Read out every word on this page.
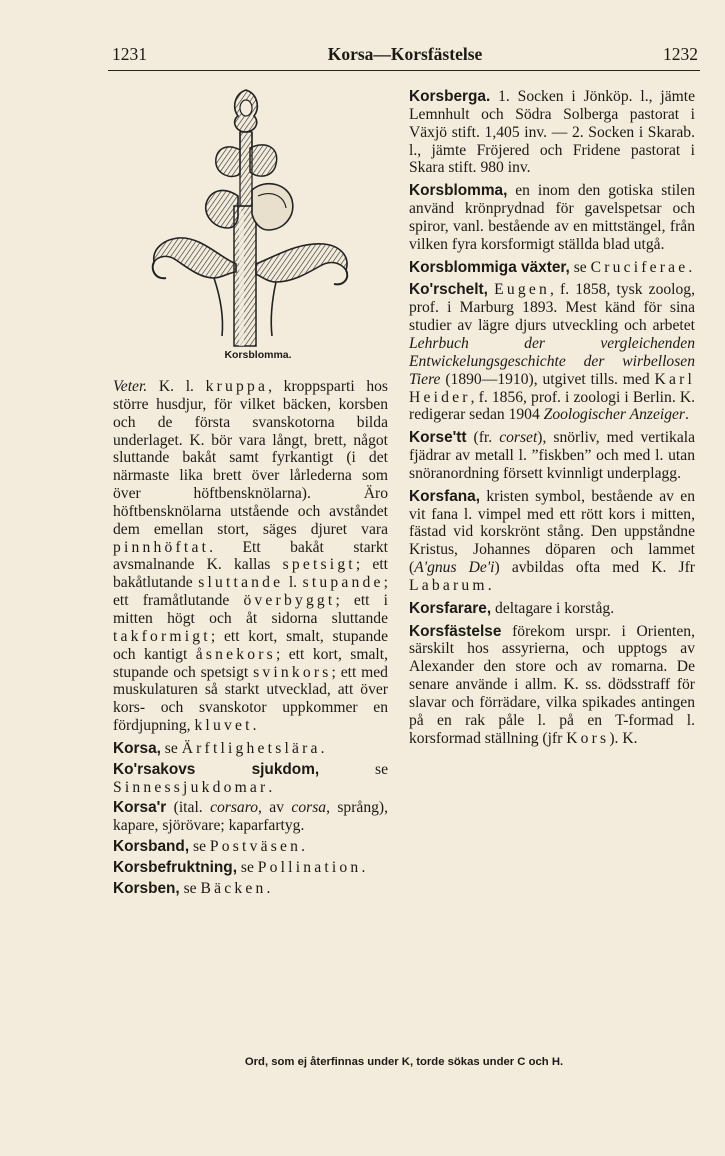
1231	Korsa—Korsfästelse	1232
Korsblomma.

Veter. K. l. kruppa, kroppsparti hos större husdjur, för vilket bäcken, korsben och de första svanskotorna bilda underlaget. K. bör vara långt, brett, något sluttande bakåt samt fyrkantigt (i det närmaste lika brett över lårlederna som över höftbensknölarna). Äro höftbensknölarna utstående och avståndet dem emellan stort, säges djuret vara pinnhöftat. Ett bakåt starkt avsmalnande K. kallas spetsigt; ett bakåtlutande sluttande l. stupande; ett framåtlutande överbyggt; ett i mitten högt och åt sidorna sluttande takformigt; ett kort, smalt, stupande och kantigt åsnekors; ett kort, smalt, stupande och spetsigt svinkors; ett med muskulaturen så starkt utvecklad, att över kors- och svanskotor uppkommer en fördjupning, kluvet.

Korsa, se Ärftlighetslära.

Ko'rsakovs sjukdom, se Sinnessjukdomar.

Korsa'r (ital. corsaro, av corsa, språng), kapare, sjörövare; kaparfartyg.

Korsband, se Postväsen.

Korsbefruktning, se Pollination.

Korsben, se Bäcken.

Korsberga. 1. Socken i Jönköp. l., jämte Lemnhult och Södra Solberga pastorat i Växjö stift. 1,405 inv. — 2. Socken i Skarab. l., jämte Fröjered och Fridene pastorat i Skara stift. 980 inv.

Korsblomma, en inom den gotiska stilen använd krönprydnad för gavelspetsar och spiror, vanl. bestående av en mittstängel, från vilken fyra korsformigt ställda blad utgå.

Korsblommiga växter, se Cruciferae.

Ko'rschelt, Eugen, f. 1858, tysk zoolog, prof. i Marburg 1893. Mest känd för sina studier av lägre djurs utveckling och arbetet Lehrbuch der vergleichenden Entwickelungsgeschichte der wirbellosen Tiere (1890—1910), utgivet tills. med Karl Heider, f. 1856, prof. i zoologi i Berlin. K. redigerar sedan 1904 Zoologischer Anzeiger.

Korse'tt (fr. corset), snörliv, med vertikala fjädrar av metall l. ”fiskben” och med l. utan snöranordning försett kvinnligt underplagg.

Korsfana, kristen symbol, bestående av en vit fana l. vimpel med ett rött kors i mitten, fästad vid korskrönt stång. Den uppståndne Kristus, Johannes döparen och lammet (A'gnus De'i) avbildas ofta med K. Jfr Labarum.

Korsfarare, deltagare i korståg.

Korsfästelse förekom urspr. i Orienten, särskilt hos assyrierna, och upptogs av Alexander den store och av romarna. De senare använde i allm. K. ss. dödsstraff för slavar och förrädare, vilka spikades antingen på en rak påle l. på en T-formad l. korsformad ställning (jfr Kors). K.

Ord, som ej återfinnas under K, torde sökas under C och H.
